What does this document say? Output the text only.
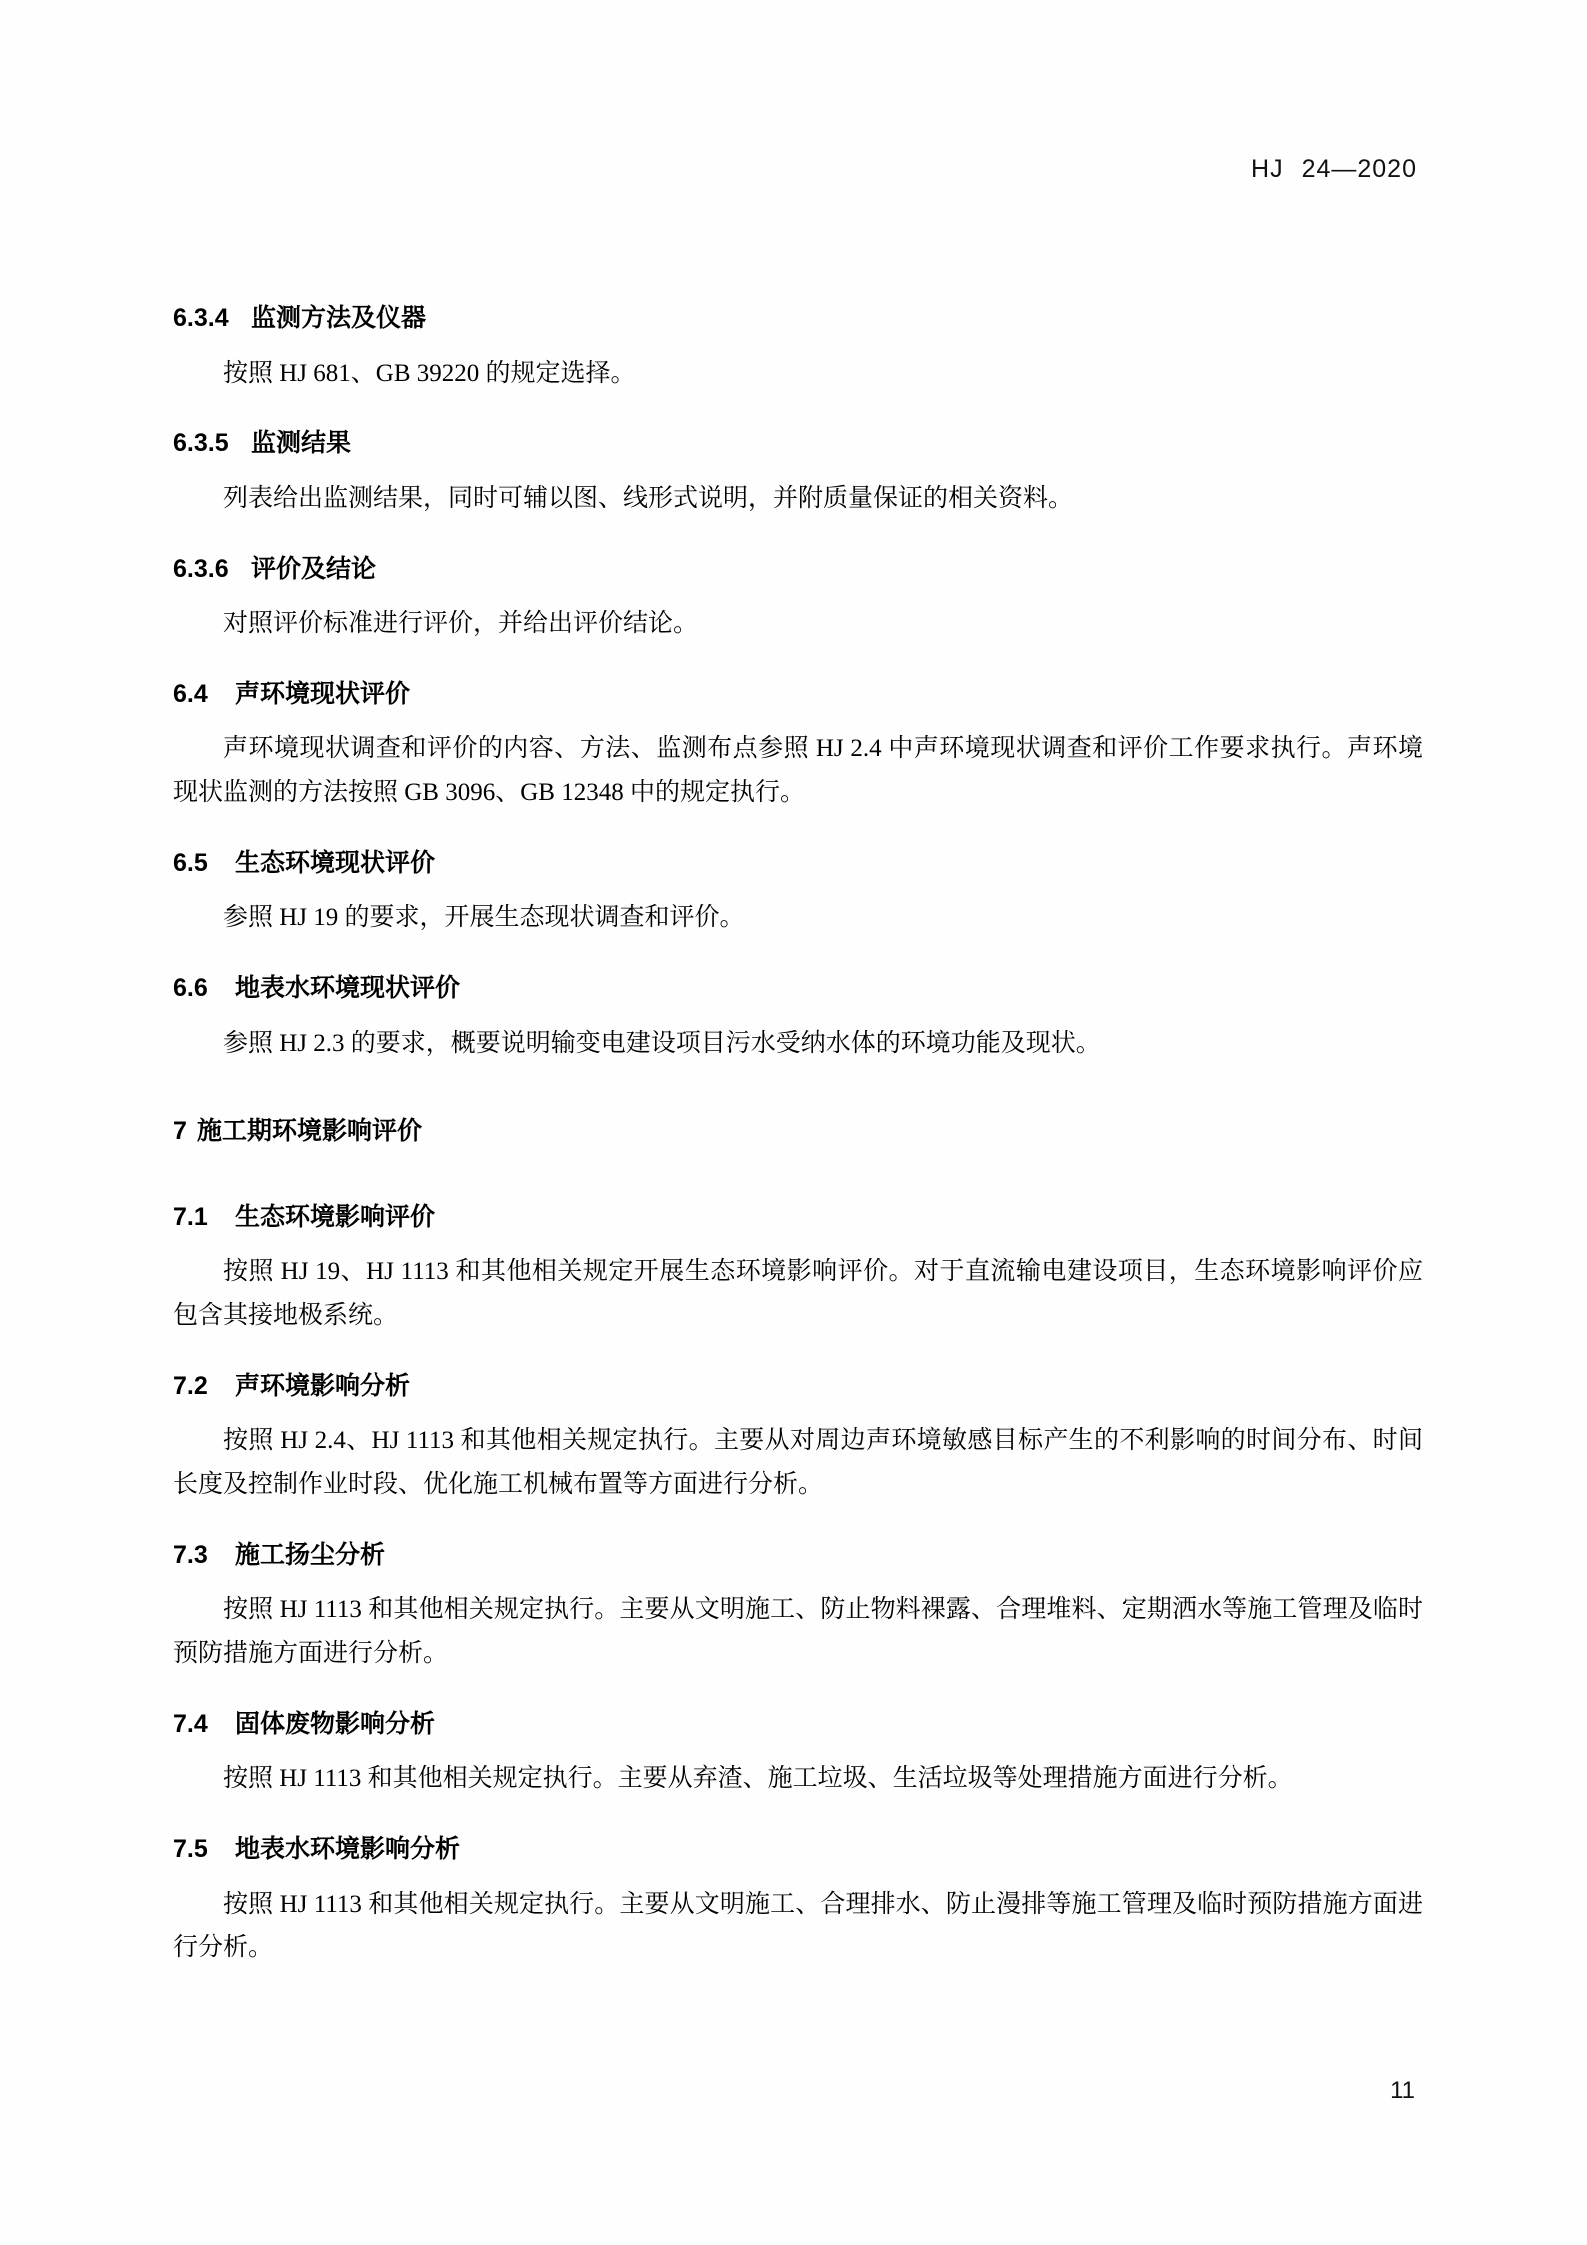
HJ 24—2020
6.3.4 监测方法及仪器

按照 HJ 681、GB 39220 的规定选择。

6.3.5 监测结果

列表给出监测结果，同时可辅以图、线形式说明，并附质量保证的相关资料。

6.3.6 评价及结论

对照评价标准进行评价，并给出评价结论。

6.4 声环境现状评价

声环境现状调查和评价的内容、方法、监测布点参照 HJ 2.4 中声环境现状调查和评价工作要求执行。声环境现状监测的方法按照 GB 3096、GB 12348 中的规定执行。

6.5 生态环境现状评价

参照 HJ 19 的要求，开展生态现状调查和评价。

6.6 地表水环境现状评价

参照 HJ 2.3 的要求，概要说明输变电建设项目污水受纳水体的环境功能及现状。

7 施工期环境影响评价
7.1 生态环境影响评价

按照 HJ 19、HJ 1113 和其他相关规定开展生态环境影响评价。对于直流输电建设项目，生态环境影响评价应包含其接地极系统。

7.2 声环境影响分析

按照 HJ 2.4、HJ 1113 和其他相关规定执行。主要从对周边声环境敏感目标产生的不利影响的时间分布、时间长度及控制作业时段、优化施工机械布置等方面进行分析。

7.3 施工扬尘分析

按照 HJ 1113 和其他相关规定执行。主要从文明施工、防止物料裸露、合理堆料、定期洒水等施工管理及临时预防措施方面进行分析。

7.4 固体废物影响分析

按照 HJ 1113 和其他相关规定执行。主要从弃渣、施工垃圾、生活垃圾等处理措施方面进行分析。

7.5 地表水环境影响分析

按照 HJ 1113 和其他相关规定执行。主要从文明施工、合理排水、防止漫排等施工管理及临时预防措施方面进行分析。

11
